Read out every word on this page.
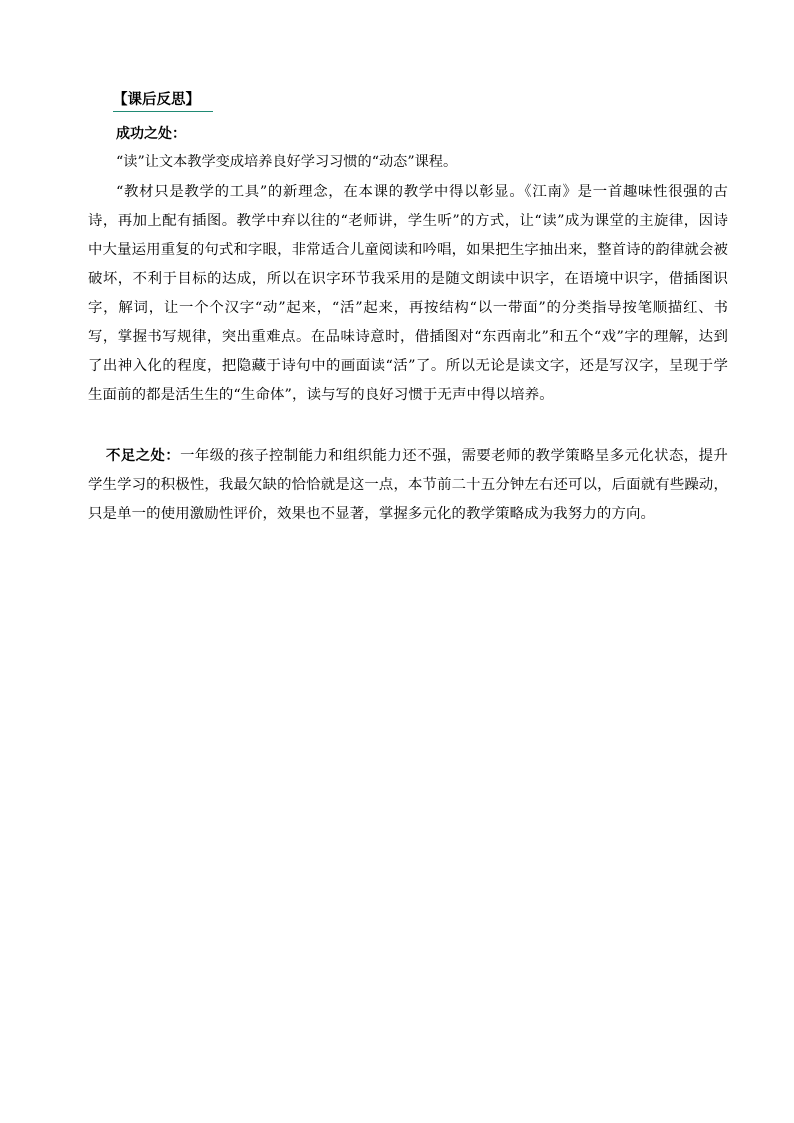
【课后反思】
成功之处：
“读”让文本教学变成培养良好学习习惯的“动态”课程。
“教材只是教学的工具”的新理念，在本课的教学中得以彰显。《江南》是一首趣味性很强的古诗，再加上配有插图。教学中弃以往的“老师讲，学生听”的方式，让“读”成为课堂的主旋律，因诗中大量运用重复的句式和字眼，非常适合儿童阅读和吟唱，如果把生字抽出来，整首诗的韵律就会被破坏，不利于目标的达成，所以在识字环节我采用的是随文朗读中识字，在语境中识字，借插图识字，解词，让一个个汉字“动”起来，“活”起来，再按结构“以一带面”的分类指导按笔顺描红、书写，掌握书写规律，突出重难点。在品味诗意时，借插图对“东西南北”和五个“戏”字的理解，达到了出神入化的程度，把隐藏于诗句中的画面读“活”了。所以无论是读文字，还是写汉字，呈现于学生面前的都是活生生的“生命体”，读与写的良好习惯于无声中得以培养。
不足之处：一年级的孩子控制能力和组织能力还不强，需要老师的教学策略呈多元化状态，提升学生学习的积极性，我最欠缺的恰恰就是这一点，本节前二十五分钟左右还可以，后面就有些躁动，只是单一的使用激励性评价，效果也不显著，掌握多元化的教学策略成为我努力的方向。
